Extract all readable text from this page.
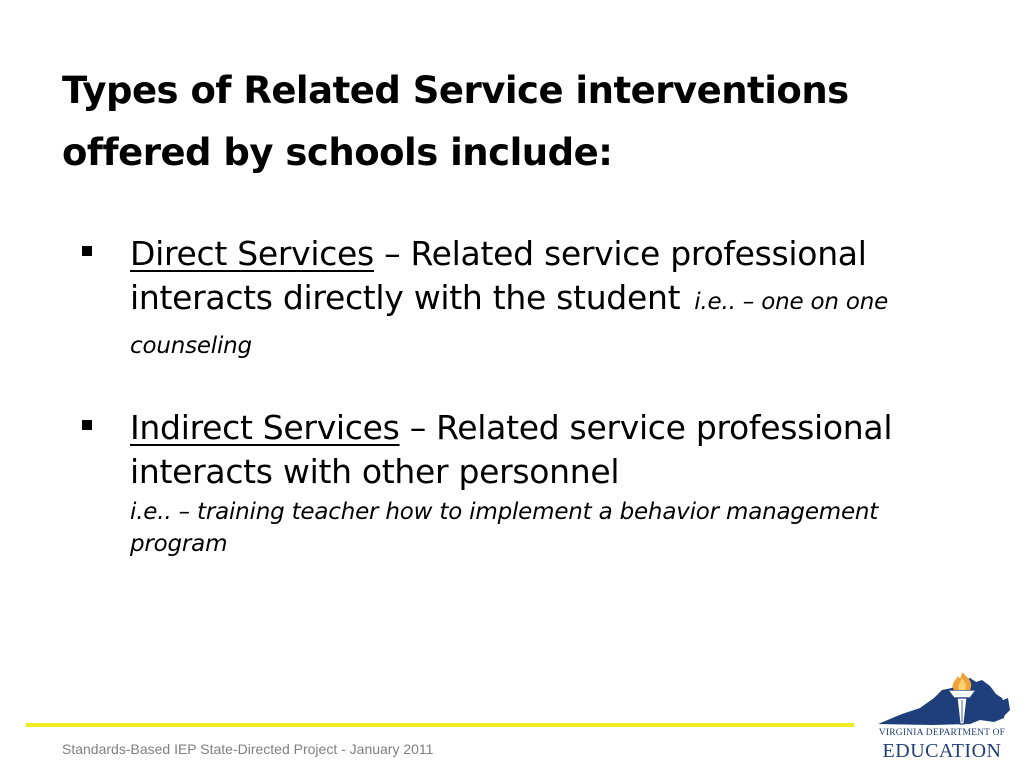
Types of Related Service interventions offered by schools include:
Direct Services – Related service professional interacts directly with the student i.e.. – one on one counseling
Indirect Services – Related service professional interacts with other personnel
i.e.. – training teacher how to implement a behavior management program
Standards-Based IEP State-Directed Project - January 2011
VIRGINIA DEPARTMENT OF
EDUCATION
